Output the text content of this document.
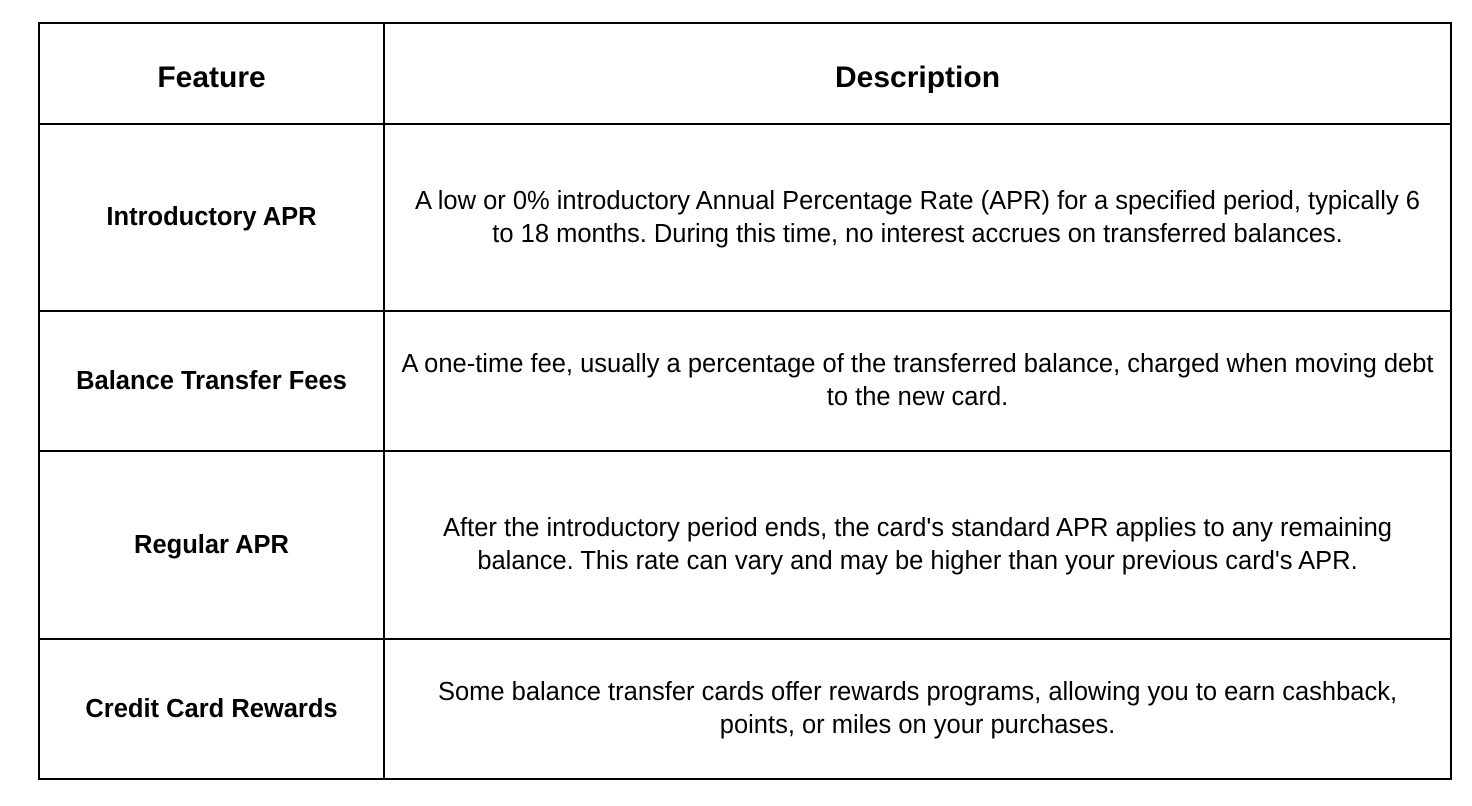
Feature	Description
Introductory APR	A low or 0% introductory Annual Percentage Rate (APR) for a specified period, typically 6 to 18 months. During this time, no interest accrues on transferred balances.
Balance Transfer Fees	A one-time fee, usually a percentage of the transferred balance, charged when moving debt to the new card.
Regular APR	After the introductory period ends, the card's standard APR applies to any remaining balance. This rate can vary and may be higher than your previous card's APR.
Credit Card Rewards	Some balance transfer cards offer rewards programs, allowing you to earn cashback, points, or miles on your purchases.
